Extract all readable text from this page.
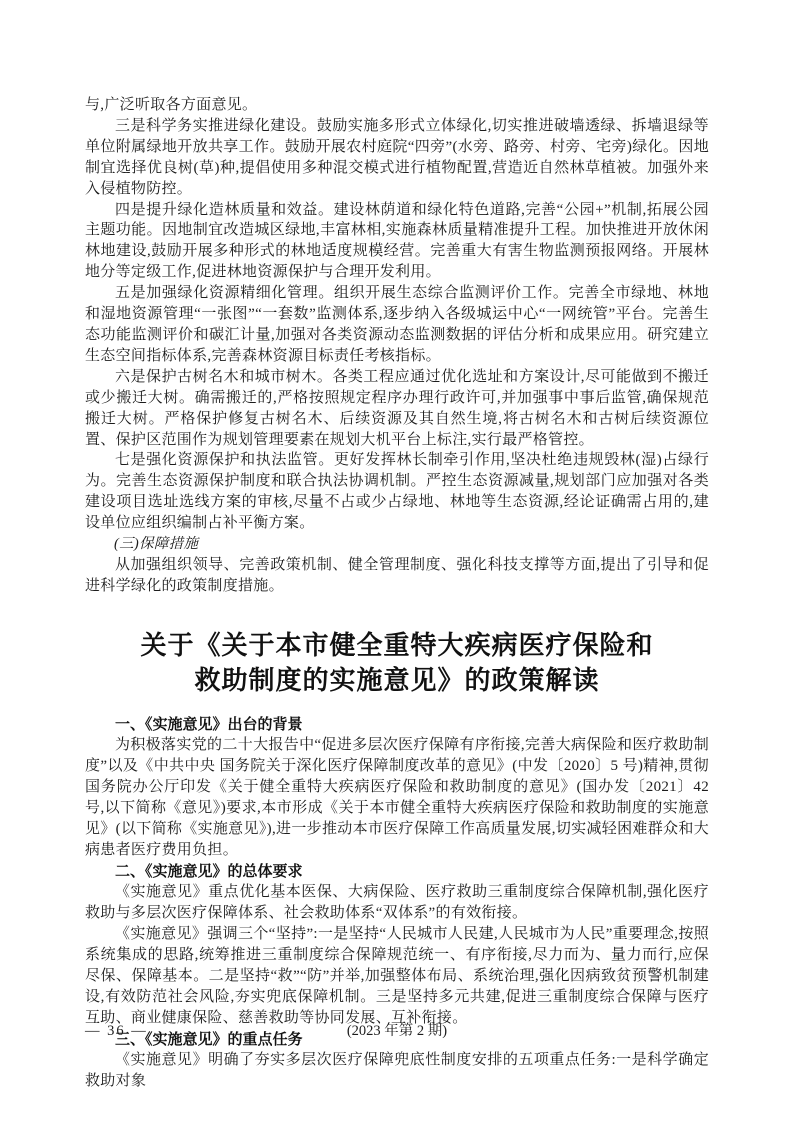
与,广泛听取各方面意见。

三是科学务实推进绿化建设。鼓励实施多形式立体绿化,切实推进破墙透绿、拆墙退绿等单位附属绿地开放共享工作。鼓励开展农村庭院“四旁”(水旁、路旁、村旁、宅旁)绿化。因地制宜选择优良树(草)种,提倡使用多种混交模式进行植物配置,营造近自然林草植被。加强外来入侵植物防控。

四是提升绿化造林质量和效益。建设林荫道和绿化特色道路,完善“公园+”机制,拓展公园主题功能。因地制宜改造城区绿地,丰富林相,实施森林质量精准提升工程。加快推进开放休闲林地建设,鼓励开展多种形式的林地适度规模经营。完善重大有害生物监测预报网络。开展林地分等定级工作,促进林地资源保护与合理开发利用。

五是加强绿化资源精细化管理。组织开展生态综合监测评价工作。完善全市绿地、林地和湿地资源管理“一张图”“一套数”监测体系,逐步纳入各级城运中心“一网统管”平台。完善生态功能监测评价和碳汇计量,加强对各类资源动态监测数据的评估分析和成果应用。研究建立生态空间指标体系,完善森林资源目标责任考核指标。

六是保护古树名木和城市树木。各类工程应通过优化选址和方案设计,尽可能做到不搬迁或少搬迁大树。确需搬迁的,严格按照规定程序办理行政许可,并加强事中事后监管,确保规范搬迁大树。严格保护修复古树名木、后续资源及其自然生境,将古树名木和古树后续资源位置、保护区范围作为规划管理要素在规划大机平台上标注,实行最严格管控。

七是强化资源保护和执法监管。更好发挥林长制牵引作用,坚决杜绝违规毁林(湿)占绿行为。完善生态资源保护制度和联合执法协调机制。严控生态资源减量,规划部门应加强对各类建设项目选址选线方案的审核,尽量不占或少占绿地、林地等生态资源,经论证确需占用的,建设单位应组织编制占补平衡方案。

(三)保障措施

从加强组织领导、完善政策机制、健全管理制度、强化科技支撑等方面,提出了引导和促进科学绿化的政策制度措施。

关于《关于本市健全重特大疾病医疗保险和
救助制度的实施意见》的政策解读
一、《实施意见》出台的背景

为积极落实党的二十大报告中“促进多层次医疗保障有序衔接,完善大病保险和医疗救助制度”以及《中共中央 国务院关于深化医疗保障制度改革的意见》(中发〔2020〕5 号)精神,贯彻国务院办公厅印发《关于健全重特大疾病医疗保险和救助制度的意见》(国办发〔2021〕42 号,以下简称《意见》)要求,本市形成《关于本市健全重特大疾病医疗保险和救助制度的实施意见》(以下简称《实施意见》),进一步推动本市医疗保障工作高质量发展,切实减轻困难群众和大病患者医疗费用负担。

二、《实施意见》的总体要求

《实施意见》重点优化基本医保、大病保险、医疗救助三重制度综合保障机制,强化医疗救助与多层次医疗保障体系、社会救助体系“双体系”的有效衔接。

《实施意见》强调三个“坚持”:一是坚持“人民城市人民建,人民城市为人民”重要理念,按照系统集成的思路,统筹推进三重制度综合保障规范统一、有序衔接,尽力而为、量力而行,应保尽保、保障基本。二是坚持“救”“防”并举,加强整体布局、系统治理,强化因病致贫预警机制建设,有效防范社会风险,夯实兜底保障机制。三是坚持多元共建,促进三重制度综合保障与医疗互助、商业健康保险、慈善救助等协同发展、互补衔接。

三、《实施意见》的重点任务

《实施意见》明确了夯实多层次医疗保障兜底性制度安排的五项重点任务:一是科学确定救助对象

— 36 —	(2023 年第 2 期)
